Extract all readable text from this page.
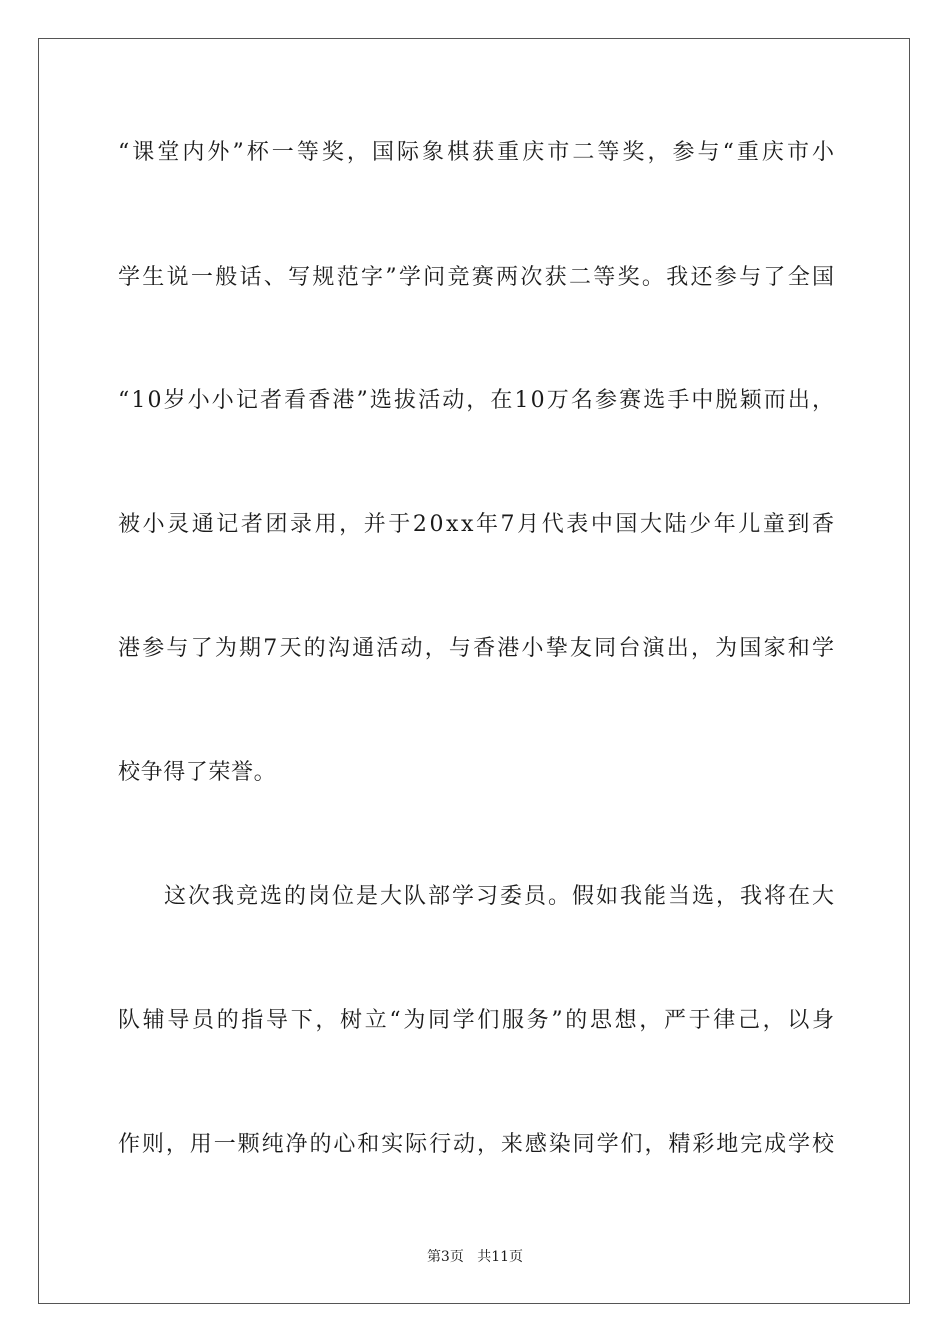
“课堂内外”杯一等奖，国际象棋获重庆市二等奖，参与“重庆市小
学生说一般话、写规范字”学问竞赛两次获二等奖。我还参与了全国
“10岁小小记者看香港”选拔活动，在10万名参赛选手中脱颖而出，
被小灵通记者团录用，并于20xx年7月代表中国大陆少年儿童到香
港参与了为期7天的沟通活动，与香港小挚友同台演出，为国家和学
校争得了荣誉。
这次我竞选的岗位是大队部学习委员。假如我能当选，我将在大
队辅导员的指导下，树立“为同学们服务”的思想，严于律己，以身
作则，用一颗纯净的心和实际行动，来感染同学们，精彩地完成学校
第3页 共11页
